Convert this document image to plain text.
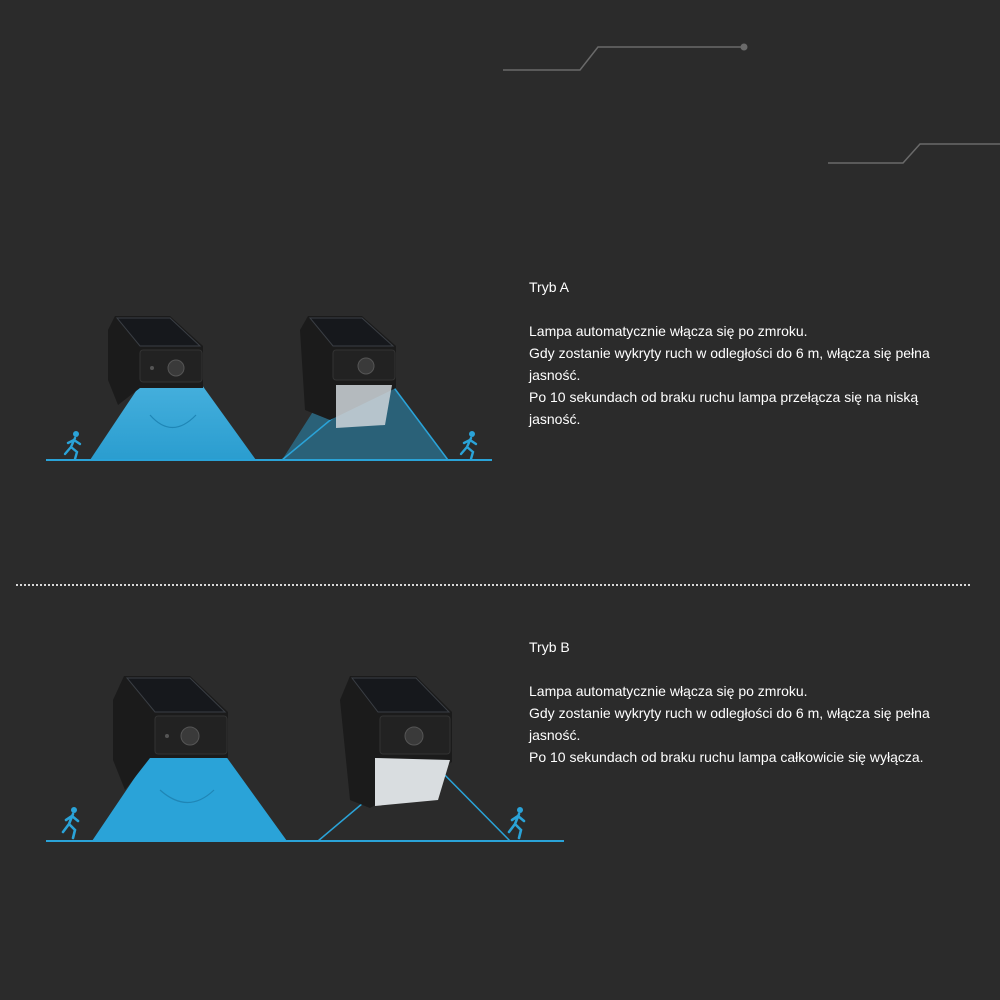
Tryb A
Lampa automatycznie włącza się po zmroku.
Gdy zostanie wykryty ruch w odległości do 6 m, włącza się pełna jasność.
Po 10 sekundach od braku ruchu lampa przełącza się na niską jasność.
Tryb B
Lampa automatycznie włącza się po zmroku.
Gdy zostanie wykryty ruch w odległości do 6 m, włącza się pełna jasność.
Po 10 sekundach od braku ruchu lampa całkowicie się wyłącza.
